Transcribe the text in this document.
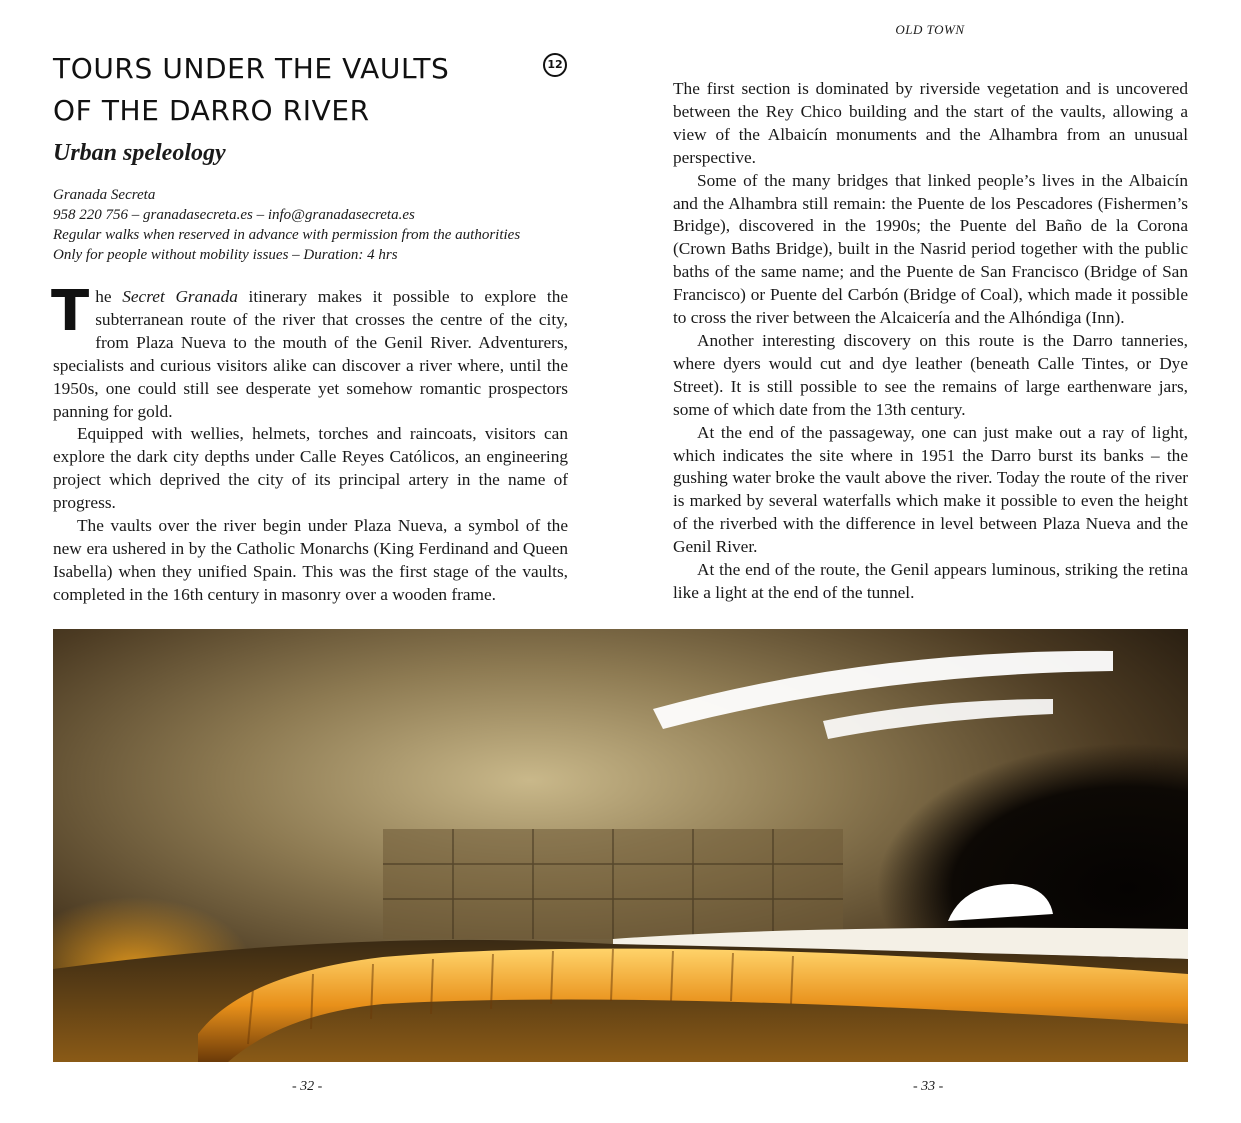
OLD TOWN
TOURS UNDER THE VAULTS
OF THE DARRO RIVER
12
Urban speleology
Granada Secreta
958 220 756 – granadasecreta.es – info@granadasecreta.es
Regular walks when reserved in advance with permission from the authorities
Only for people without mobility issues – Duration: 4 hrs

The Secret Granada itinerary makes it possible to explore the subterranean route of the river that crosses the centre of the city, from Plaza Nueva to the mouth of the Genil River. Adventurers, specialists and curious visitors alike can discover a river where, until the 1950s, one could still see desperate yet somehow romantic prospectors panning for gold.

Equipped with wellies, helmets, torches and raincoats, visitors can explore the dark city depths under Calle Reyes Católicos, an engineering project which deprived the city of its principal artery in the name of progress.

The vaults over the river begin under Plaza Nueva, a symbol of the new era ushered in by the Catholic Monarchs (King Ferdinand and Queen Isabella) when they unified Spain. This was the first stage of the vaults, completed in the 16th century in masonry over a wooden frame.

The first section is dominated by riverside vegetation and is uncovered between the Rey Chico building and the start of the vaults, allowing a view of the Albaicín monuments and the Alhambra from an unusual perspective.

Some of the many bridges that linked people’s lives in the Albaicín and the Alhambra still remain: the Puente de los Pescadores (Fishermen’s Bridge), discovered in the 1990s; the Puente del Baño de la Corona (Crown Baths Bridge), built in the Nasrid period together with the public baths of the same name; and the Puente de San Francisco (Bridge of San Francisco) or Puente del Carbón (Bridge of Coal), which made it possible to cross the river between the Alcaicería and the Alhóndiga (Inn).

Another interesting discovery on this route is the Darro tanneries, where dyers would cut and dye leather (beneath Calle Tintes, or Dye Street). It is still possible to see the remains of large earthenware jars, some of which date from the 13th century.

At the end of the passageway, one can just make out a ray of light, which indicates the site where in 1951 the Darro burst its banks – the gushing water broke the vault above the river. Today the route of the river is marked by several waterfalls which make it possible to even the height of the riverbed with the difference in level between Plaza Nueva and the Genil River.

At the end of the route, the Genil appears luminous, striking the retina like a light at the end of the tunnel.

- 32 -	- 33 -
